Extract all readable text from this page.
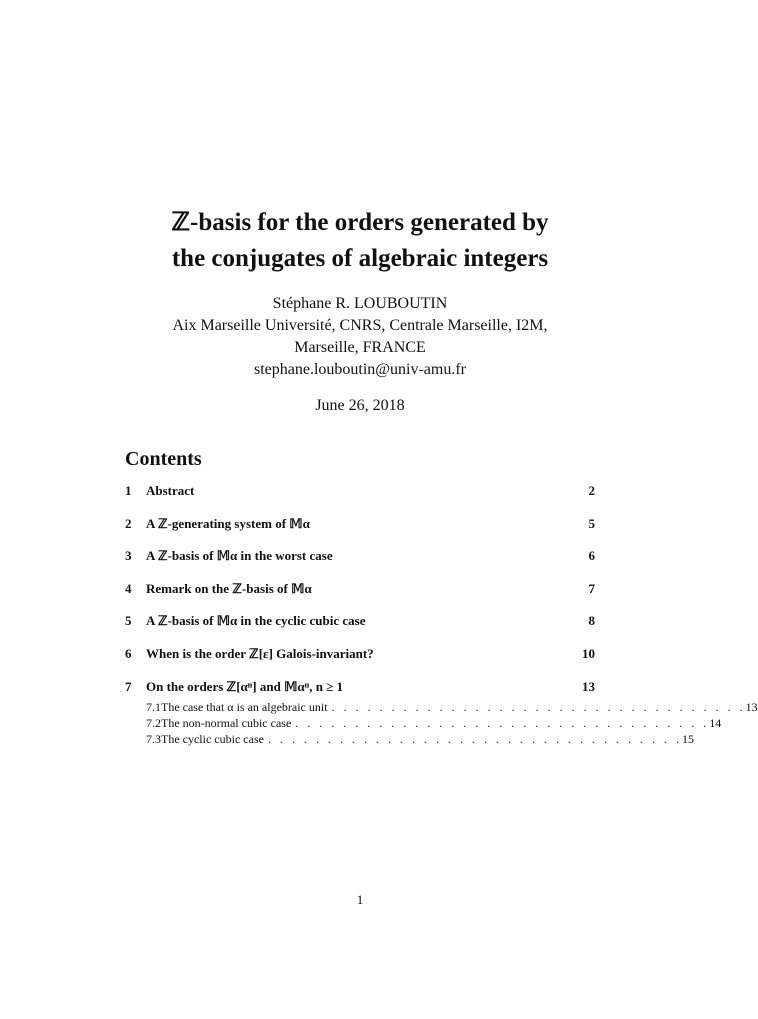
ℤ-basis for the orders generated by
the conjugates of algebraic integers
Stéphane R. LOUBOUTIN
Aix Marseille Université, CNRS, Centrale Marseille, I2M,
Marseille, FRANCE
stephane.louboutin@univ-amu.fr
June 26, 2018
Contents
1	Abstract	2
2	A ℤ-generating system of 𝕄α	5
3	A ℤ-basis of 𝕄α in the worst case	6
4	Remark on the ℤ-basis of 𝕄α	7
5	A ℤ-basis of 𝕄α in the cyclic cubic case	8
6	When is the order ℤ[ε] Galois-invariant?	10
7	On the orders ℤ[αⁿ] and 𝕄αⁿ, n ≥ 1	13
7.1 The case that α is an algebraic unit . . . . . . . . . . . . . . . . . . . . . . . . . . . . . . . . . . . 13
7.2 The non-normal cubic case . . . . . . . . . . . . . . . . . . . . . . . . . . . . . . . . . . . 14
7.3 The cyclic cubic case . . . . . . . . . . . . . . . . . . . . . . . . . . . . . . . . . . . 15
1
